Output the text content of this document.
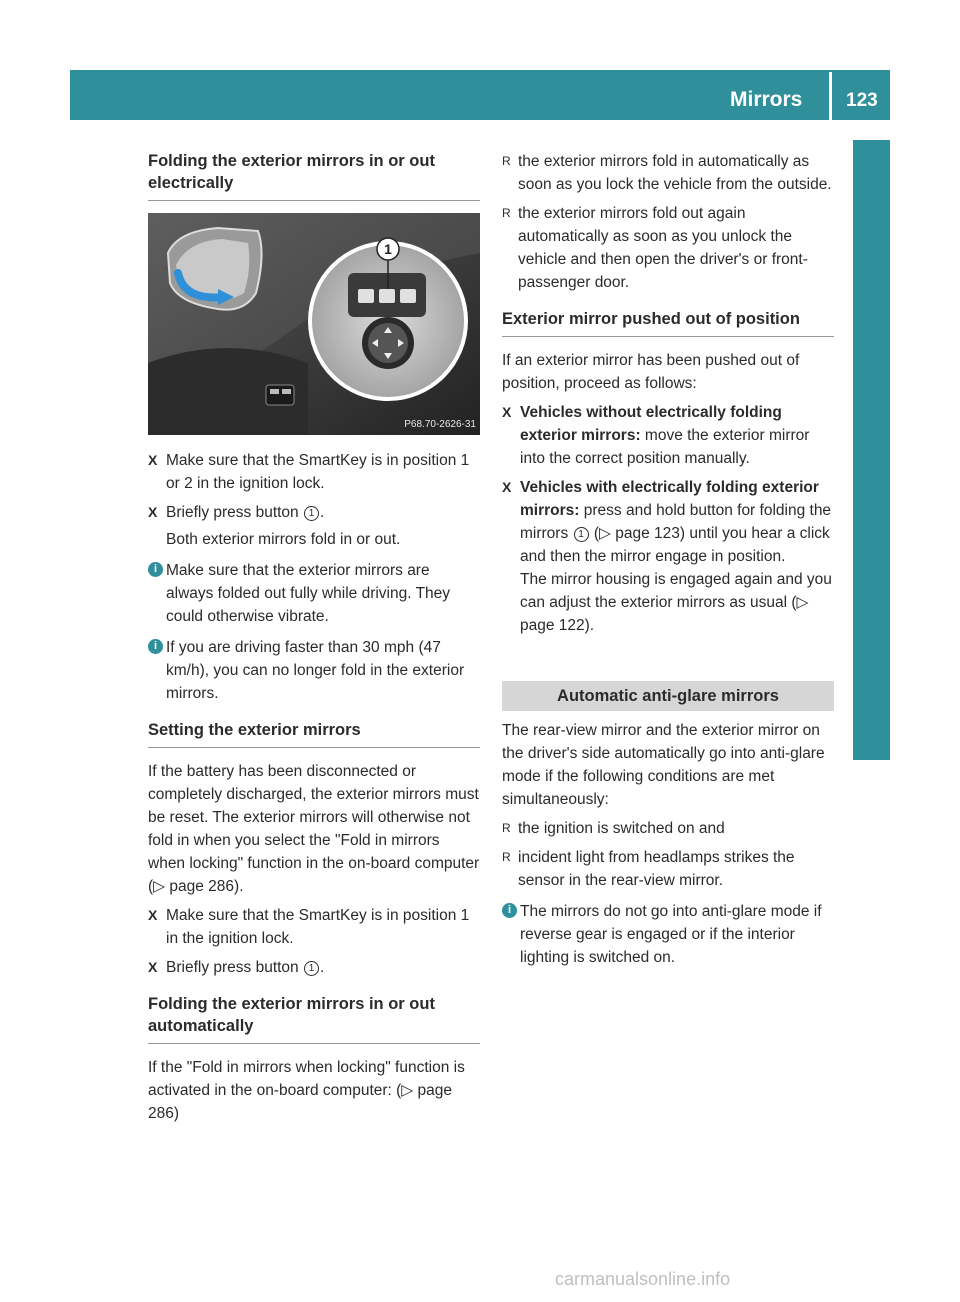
Mirrors 123
Seats, steering wheel and mirrors
Folding the exterior mirrors in or out electrically
1
P68.70-2626-31
X Make sure that the SmartKey is in position 1 or 2 in the ignition lock.
X Briefly press button 1 .
Both exterior mirrors fold in or out.
i Make sure that the exterior mirrors are always folded out fully while driving. They could otherwise vibrate.
i If you are driving faster than 30 mph (47 km/h), you can no longer fold in the exterior mirrors.
Setting the exterior mirrors

If the battery has been disconnected or completely discharged, the exterior mirrors must be reset. The exterior mirrors will otherwise not fold in when you select the "Fold in mirrors when locking" function in the on-board computer (▷ page 286).

X Make sure that the SmartKey is in position 1 in the ignition lock.
X Briefly press button 1 .
Folding the exterior mirrors in or out automatically

If the "Fold in mirrors when locking" function is activated in the on-board computer: (▷ page 286)

R the exterior mirrors fold in automatically as soon as you lock the vehicle from the outside.
R the exterior mirrors fold out again automatically as soon as you unlock the vehicle and then open the driver's or front-passenger door.
Exterior mirror pushed out of position

If an exterior mirror has been pushed out of position, proceed as follows:

X Vehicles without electrically folding exterior mirrors: move the exterior mirror into the correct position manually.
X Vehicles with electrically folding exterior mirrors: press and hold button for folding the mirrors 1 (▷ page 123) until you hear a click and then the mirror engage in position.
The mirror housing is engaged again and you can adjust the exterior mirrors as usual (▷ page 122).
Automatic anti-glare mirrors

The rear-view mirror and the exterior mirror on the driver's side automatically go into anti-glare mode if the following conditions are met simultaneously:

R the ignition is switched on and
R incident light from headlamps strikes the sensor in the rear-view mirror.
i The mirrors do not go into anti-glare mode if reverse gear is engaged or if the interior lighting is switched on.
carmanualsonline.info
